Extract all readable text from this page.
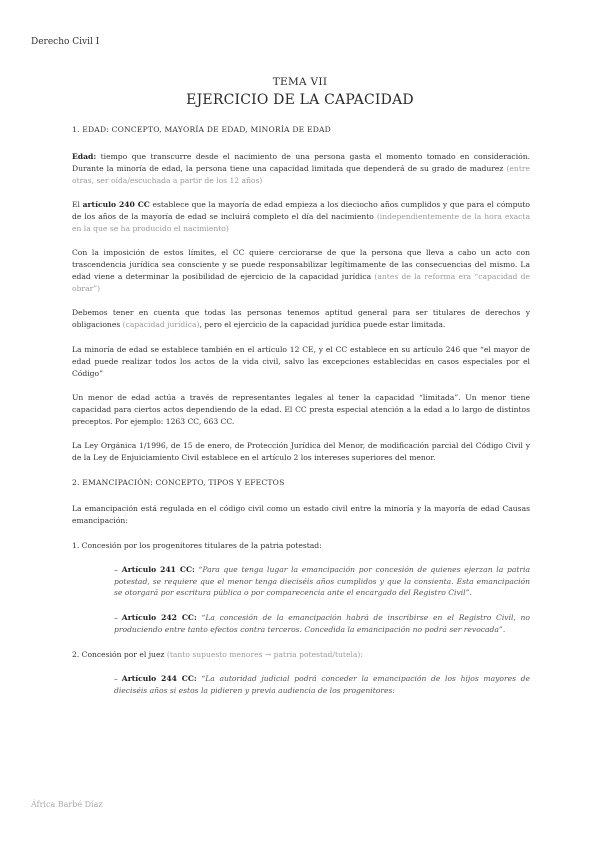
Derecho Civil I
TEMA VII
EJERCICIO DE LA CAPACIDAD
1. EDAD: CONCEPTO, MAYORÍA DE EDAD, MINORÍA DE EDAD

Edad: tiempo que transcurre desde el nacimiento de una persona gasta el momento tomado en consideración. Durante la minoría de edad, la persona tiene una capacidad limitada que dependerá de su grado de madurez (entre otras, ser oída/escuchada a partir de los 12 años)

El artículo 240 CC establece que la mayoría de edad empieza a los dieciocho años cumplidos y que para el cómputo de los años de la mayoría de edad se incluirá completo el día del nacimiento (independientemente de la hora exacta en la que se ha producido el nacimiento)

Con la imposición de estos límites, el CC quiere cerciorarse de que la persona que lleva a cabo un acto con trascendencia jurídica sea consciente y se puede responsabilizar legítimamente de las consecuencias del mismo. La edad viene a determinar la posibilidad de ejercicio de la capacidad jurídica (antes de la reforma era “capacidad de obrar”)

Debemos tener en cuenta que todas las personas tenemos aptitud general para ser titulares de derechos y obligaciones (capacidad jurídica), pero el ejercicio de la capacidad jurídica puede estar limitada.

La minoría de edad se establece también en el artículo 12 CE, y el CC establece en su artículo 246 que “el mayor de edad puede realizar todos los actos de la vida civil, salvo las excepciones establecidas en casos especiales por el Código”

Un menor de edad actúa a través de representantes legales al tener la capacidad “limitada”. Un menor tiene capacidad para ciertos actos dependiendo de la edad. El CC presta especial atención a la edad a lo largo de distintos preceptos. Por ejemplo: 1263 CC, 663 CC.

La Ley Orgánica 1/1996, de 15 de enero, de Protección Jurídica del Menor, de modificación parcial del Código Civil y de la Ley de Enjuiciamiento Civil establece en el artículo 2 los intereses superiores del menor.

2. EMANCIPACIÓN: CONCEPTO, TIPOS Y EFECTOS

La emancipación está regulada en el código civil como un estado civil entre la minoría y la mayoría de edad Causas emancipación:

1. Concesión por los progenitores titulares de la patria potestad:

– Artículo 241 CC: “Para que tenga lugar la emancipación por concesión de quienes ejerzan la patria potestad, se requiere que el menor tenga dieciséis años cumplidos y que la consienta. Esta emancipación se otorgará por escritura pública o por comparecencia ante el encargado del Registro Civil”.

– Artículo 242 CC: “La concesión de la emancipación habrá de inscribirse en el Registro Civil, no produciendo entre tanto efectos contra terceros. Concedida la emancipación no podrá ser revocada”.

2. Concesión por el juez (tanto supuesto menores → patria potestad/tutela):

– Artículo 244 CC: “La autoridad judicial podrá conceder la emancipación de los hijos mayores de dieciséis años si estos la pidieren y previa audiencia de los progenitores:

África Barbé Díaz
